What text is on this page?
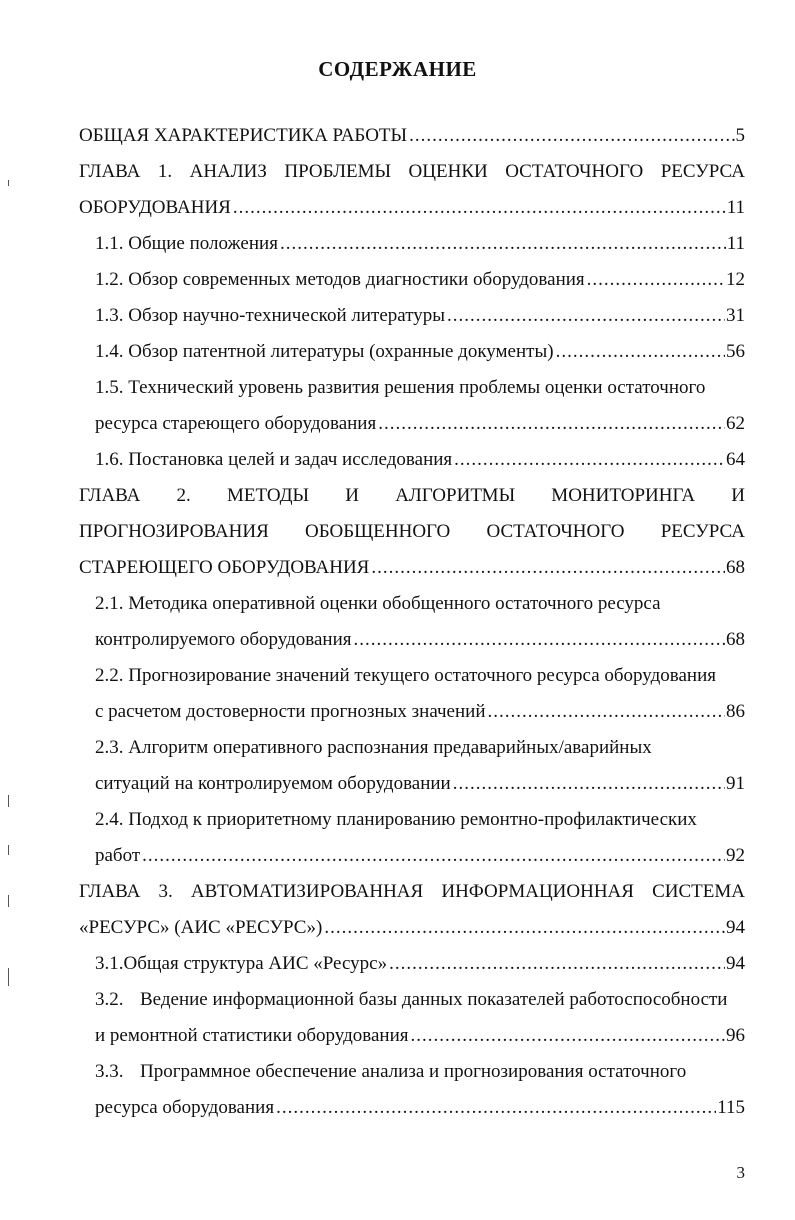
СОДЕРЖАНИЕ
ОБЩАЯ ХАРАКТЕРИСТИКА РАБОТЫ .....	5
ГЛАВА 1. АНАЛИЗ ПРОБЛЕМЫ ОЦЕНКИ ОСТАТОЧНОГО РЕСУРСА
ОБОРУДОВАНИЯ .....	11
1.1. Общие положения .....	11
1.2. Обзор современных методов диагностики оборудования .....	12
1.3. Обзор научно-технической литературы .....	31
1.4. Обзор патентной литературы (охранные документы) .....	56
1.5. Технический уровень развития решения проблемы оценки остаточного
ресурса стареющего оборудования .....	62
1.6. Постановка целей и задач исследования .....	64
ГЛАВА 2. МЕТОДЫ И АЛГОРИТМЫ МОНИТОРИНГА И
ПРОГНОЗИРОВАНИЯ ОБОБЩЕННОГО ОСТАТОЧНОГО РЕСУРСА
СТАРЕЮЩЕГО ОБОРУДОВАНИЯ .....	68
2.1. Методика оперативной оценки обобщенного остаточного ресурса
контролируемого оборудования .....	68
2.2. Прогнозирование значений текущего остаточного ресурса оборудования
с расчетом достоверности прогнозных значений .....	86
2.3. Алгоритм оперативного распознания предаварийных/аварийных
ситуаций на контролируемом оборудовании .....	91
2.4. Подход к приоритетному планированию ремонтно-профилактических
работ .....	92
ГЛАВА 3. АВТОМАТИЗИРОВАННАЯ ИНФОРМАЦИОННАЯ СИСТЕМА
«РЕСУРС» (АИС «РЕСУРС») .....	94
3.1. Общая структура АИС «Ресурс» .....	94
3.2. Ведение информационной базы данных показателей работоспособности
и ремонтной статистики оборудования .....	96
3.3. Программное обеспечение анализа и прогнозирования остаточного
ресурса оборудования .....	115
3
